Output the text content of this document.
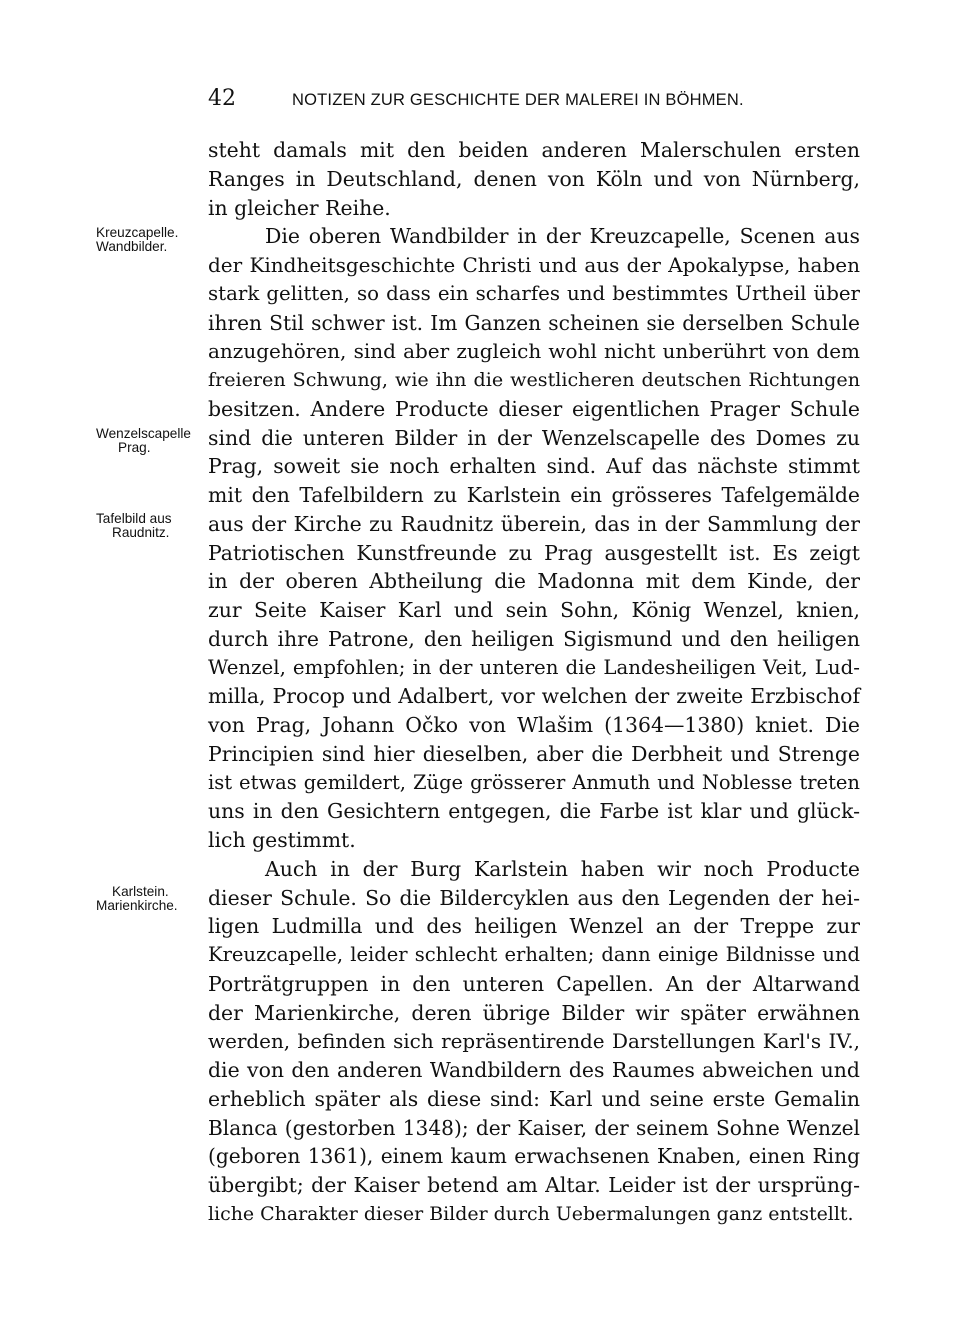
42	NOTIZEN ZUR GESCHICHTE DER MALEREI IN BÖHMEN.
Kreuzcapelle.
Wandbilder.
Wenzelscapelle
Prag.
Tafelbild aus
Raudnitz.
Karlstein.
Marienkirche.
steht damals mit den beiden anderen Malerschulen ersten
Ranges in Deutschland, denen von Köln und von Nürnberg,
in gleicher Reihe.
Die oberen Wandbilder in der Kreuzcapelle, Scenen aus
der Kindheitsgeschichte Christi und aus der Apokalypse, haben
stark gelitten, so dass ein scharfes und bestimmtes Urtheil über
ihren Stil schwer ist. Im Ganzen scheinen sie derselben Schule
anzugehören, sind aber zugleich wohl nicht unberührt von dem
freieren Schwung, wie ihn die westlicheren deutschen Richtungen
besitzen. Andere Producte dieser eigentlichen Prager Schule
sind die unteren Bilder in der Wenzelscapelle des Domes zu
Prag, soweit sie noch erhalten sind. Auf das nächste stimmt
mit den Tafelbildern zu Karlstein ein grösseres Tafelgemälde
aus der Kirche zu Raudnitz überein, das in der Sammlung der
Patriotischen Kunstfreunde zu Prag ausgestellt ist. Es zeigt
in der oberen Abtheilung die Madonna mit dem Kinde, der
zur Seite Kaiser Karl und sein Sohn, König Wenzel, knien,
durch ihre Patrone, den heiligen Sigismund und den heiligen
Wenzel, empfohlen; in der unteren die Landesheiligen Veit, Lud-
milla, Procop und Adalbert, vor welchen der zweite Erzbischof
von Prag, Johann Očko von Wlašim (1364—1380) kniet. Die
Principien sind hier dieselben, aber die Derbheit und Strenge
ist etwas gemildert, Züge grösserer Anmuth und Noblesse treten
uns in den Gesichtern entgegen, die Farbe ist klar und glück-
lich gestimmt.
Auch in der Burg Karlstein haben wir noch Producte
dieser Schule. So die Bildercyklen aus den Legenden der hei-
ligen Ludmilla und des heiligen Wenzel an der Treppe zur
Kreuzcapelle, leider schlecht erhalten; dann einige Bildnisse und
Porträtgruppen in den unteren Capellen. An der Altarwand
der Marienkirche, deren übrige Bilder wir später erwähnen
werden, befinden sich repräsentirende Darstellungen Karl's IV.,
die von den anderen Wandbildern des Raumes abweichen und
erheblich später als diese sind: Karl und seine erste Gemalin
Blanca (gestorben 1348); der Kaiser, der seinem Sohne Wenzel
(geboren 1361), einem kaum erwachsenen Knaben, einen Ring
übergibt; der Kaiser betend am Altar. Leider ist der ursprüng-
liche Charakter dieser Bilder durch Uebermalungen ganz entstellt.
